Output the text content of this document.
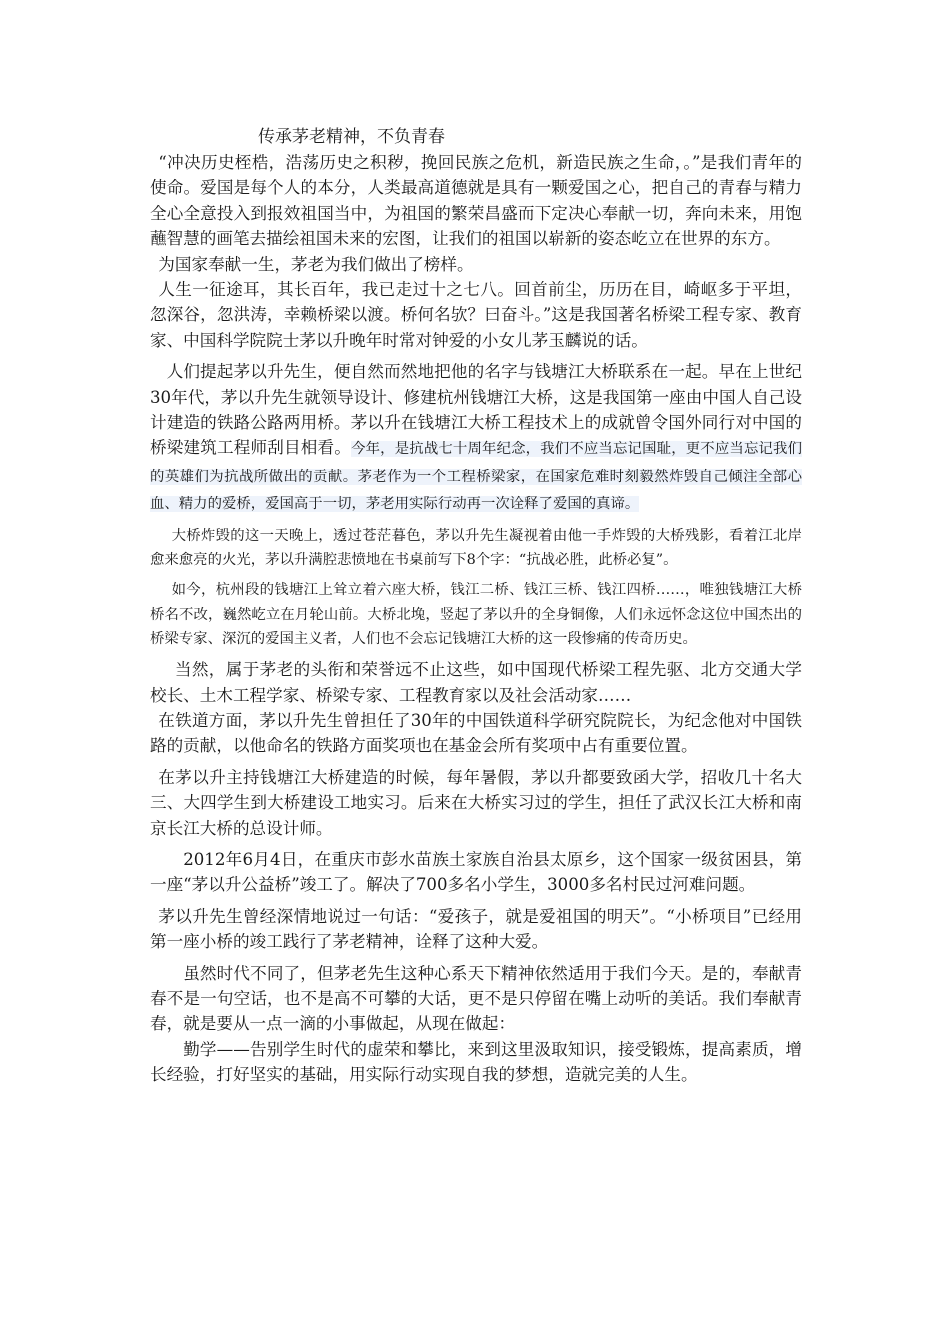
传承茅老精神，不负青春

“冲决历史桎梏，浩荡历史之积秽，挽回民族之危机，新造民族之生命，。”是我们青年的使命。爱国是每个人的本分，人类最高道德就是具有一颗爱国之心，把自己的青春与精力全心全意投入到报效祖国当中，为祖国的繁荣昌盛而下定决心奉献一切，奔向未来，用饱蘸智慧的画笔去描绘祖国未来的宏图，让我们的祖国以崭新的姿态屹立在世界的东方。

为国家奉献一生，茅老为我们做出了榜样。

人生一征途耳，其长百年，我已走过十之七八。回首前尘，历历在目，崎岖多于平坦，忽深谷，忽洪涛，幸赖桥梁以渡。桥何名欤？曰奋斗。”这是我国著名桥梁工程专家、教育家、中国科学院院士茅以升晚年时常对钟爱的小女儿茅玉麟说的话。

人们提起茅以升先生，便自然而然地把他的名字与钱塘江大桥联系在一起。早在上世纪30年代，茅以升先生就领导设计、修建杭州钱塘江大桥，这是我国第一座由中国人自己设计建造的铁路公路两用桥。茅以升在钱塘江大桥工程技术上的成就曾令国外同行对中国的桥梁建筑工程师刮目相看。今年，是抗战七十周年纪念，我们不应当忘记国耻，更不应当忘记我们的英雄们为抗战所做出的贡献。茅老作为一个工程桥梁家，在国家危难时刻毅然炸毁自己倾注全部心血、精力的爱桥，爱国高于一切，茅老用实际行动再一次诠释了爱国的真谛。

大桥炸毁的这一天晚上，透过苍茫暮色，茅以升先生凝视着由他一手炸毁的大桥残影，看着江北岸愈来愈亮的火光，茅以升满腔悲愤地在书桌前写下8个字：“抗战必胜，此桥必复”。

如今，杭州段的钱塘江上耸立着六座大桥，钱江二桥、钱江三桥、钱江四桥……，唯独钱塘江大桥桥名不改，巍然屹立在月轮山前。大桥北堍，竖起了茅以升的全身铜像，人们永远怀念这位中国杰出的桥梁专家、深沉的爱国主义者，人们也不会忘记钱塘江大桥的这一段惨痛的传奇历史。

当然，属于茅老的头衔和荣誉远不止这些，如中国现代桥梁工程先驱、北方交通大学校长、土木工程学家、桥梁专家、工程教育家以及社会活动家……

在铁道方面，茅以升先生曾担任了30年的中国铁道科学研究院院长，为纪念他对中国铁路的贡献，以他命名的铁路方面奖项也在基金会所有奖项中占有重要位置。

在茅以升主持钱塘江大桥建造的时候，每年暑假，茅以升都要致函大学，招收几十名大三、大四学生到大桥建设工地实习。后来在大桥实习过的学生，担任了武汉长江大桥和南京长江大桥的总设计师。

2012年6月4日，在重庆市彭水苗族土家族自治县太原乡，这个国家一级贫困县，第一座“茅以升公益桥”竣工了。解决了700多名小学生，3000多名村民过河难问题。

茅以升先生曾经深情地说过一句话：“爱孩子，就是爱祖国的明天”。“小桥项目”已经用第一座小桥的竣工践行了茅老精神，诠释了这种大爱。

虽然时代不同了，但茅老先生这种心系天下精神依然适用于我们今天。是的，奉献青春不是一句空话，也不是高不可攀的大话，更不是只停留在嘴上动听的美话。我们奉献青春，就是要从一点一滴的小事做起，从现在做起：

勤学——告别学生时代的虚荣和攀比，来到这里汲取知识，接受锻炼，提高素质，增长经验，打好坚实的基础，用实际行动实现自我的梦想，造就完美的人生。
